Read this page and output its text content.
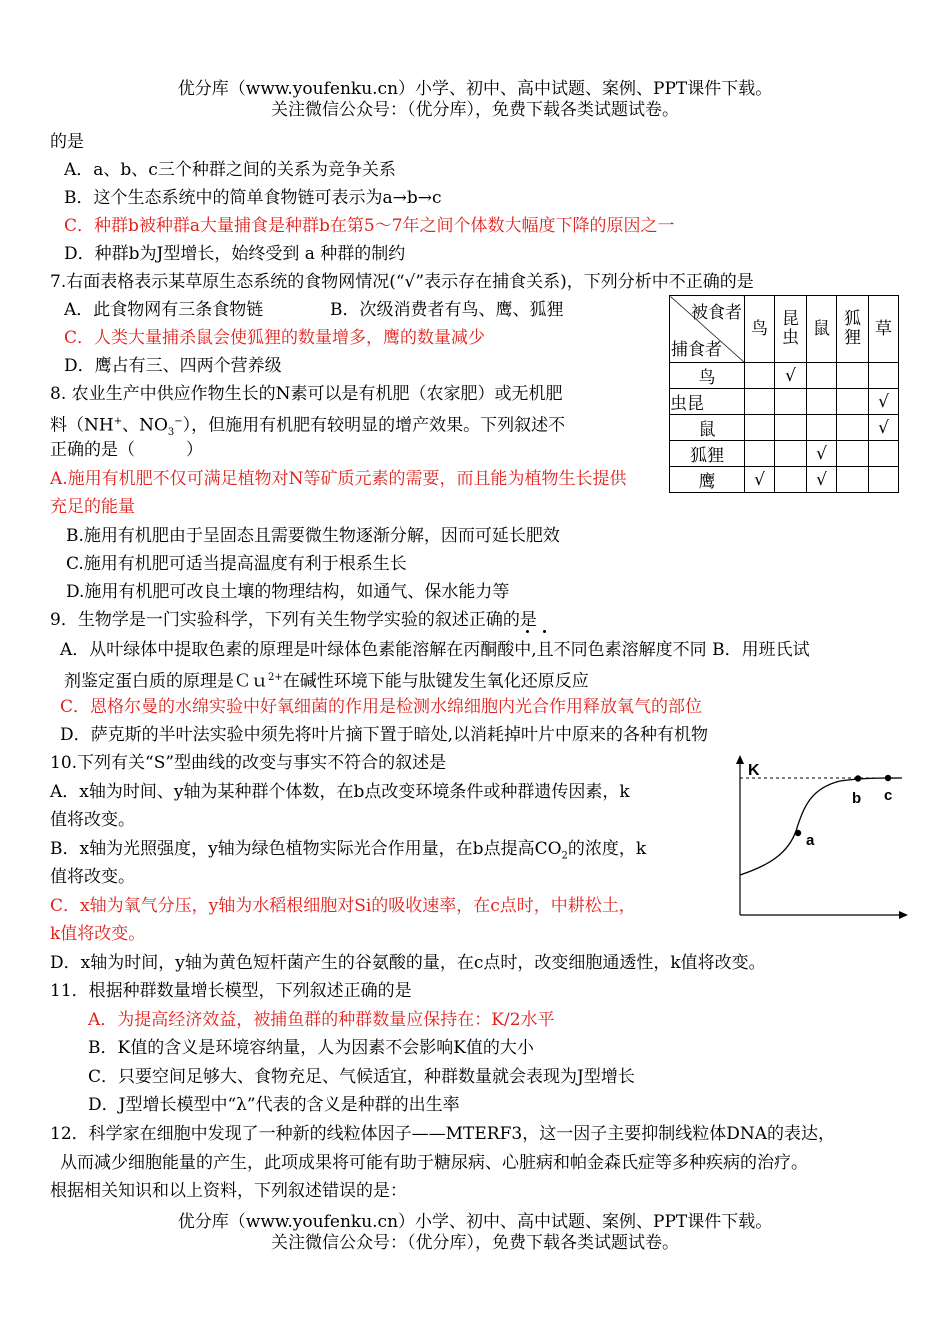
优分库（www.youfenku.cn）小学、初中、高中试题、案例、PPT课件下载。
关注微信公众号：（优分库），免费下载各类试题试卷。
的是
A．a、b、c三个种群之间的关系为竞争关系
B．这个生态系统中的简单食物链可表示为a→b→c
C．种群b被种群a大量捕食是种群b在第5～7年之间个体数大幅度下降的原因之一
D．种群b为J型增长，始终受到 a 种群的制约
7.右面表格表示某草原生态系统的食物网情况(“√”表示存在捕食关系)，下列分析中不正确的是
A．此食物网有三条食物链	B．次级消费者有鸟、鹰、狐狸
C．人类大量捕杀鼠会使狐狸的数量增多，鹰的数量减少
D．鹰占有三、四两个营养级
被食者
捕食者	鸟	昆虫	鼠	狐狸	草
鸟		√			
虫昆					√
鼠					√
狐狸			√		
鹰	√		√		
8. 农业生产中供应作物生长的N素可以是有机肥（农家肥）或无机肥
料（NH+、$NO_3^-$），但施用有机肥有较明显的增产效果。下列叙述不
正确的是（　　　）
A.施用有机肥不仅可满足植物对N等矿质元素的需要，而且能为植物生长提供
充足的能量
B.施用有机肥由于呈固态且需要微生物逐渐分解，因而可延长肥效
C.施用有机肥可适当提高温度有利于根系生长
D.施用有机肥可改良土壤的物理结构，如通气、保水能力等
9．生物学是一门实验科学，下列有关生物学实验的叙述正确的是
A．从叶绿体中提取色素的原理是叶绿体色素能溶解在丙酮酸中,且不同色素溶解度不同 B．用班氏试
剂鉴定蛋白质的原理是Ｃｕ$^{2+}$在碱性环境下能与肽键发生氧化还原反应
C．恩格尔曼的水绵实验中好氧细菌的作用是检测水绵细胞内光合作用释放氧气的部位
D．萨克斯的半叶法实验中须先将叶片摘下置于暗处,以消耗掉叶片中原来的各种有机物
10.下列有关“S”型曲线的改变与事实不符合的叙述是
A．x轴为时间、y轴为某种群个体数，在b点改变环境条件或种群遗传因素，k
值将改变。
B．x轴为光照强度，y轴为绿色植物实际光合作用量，在b点提高$CO_2$的浓度，k
值将改变。
C．x轴为氧气分压，y轴为水稻根细胞对Si的吸收速率，在c点时，中耕松土，
k值将改变。
D．x轴为时间，y轴为黄色短杆菌产生的谷氨酸的量，在c点时，改变细胞通透性，k值将改变。
K
a
b c
11．根据种群数量增长模型，下列叙述正确的是
A．为提高经济效益，被捕鱼群的种群数量应保持在：K/2水平
B．K值的含义是环境容纳量，人为因素不会影响K值的大小
C．只要空间足够大、食物充足、气候适宜，种群数量就会表现为J型增长
D．J型增长模型中“λ”代表的含义是种群的出生率
12．科学家在细胞中发现了一种新的线粒体因子——MTERF3，这一因子主要抑制线粒体DNA的表达，
从而减少细胞能量的产生，此项成果将可能有助于糖尿病、心脏病和帕金森氏症等多种疾病的治疗。
根据相关知识和以上资料，下列叙述错误的是：
优分库（www.youfenku.cn）小学、初中、高中试题、案例、PPT课件下载。
关注微信公众号：（优分库），免费下载各类试题试卷。
